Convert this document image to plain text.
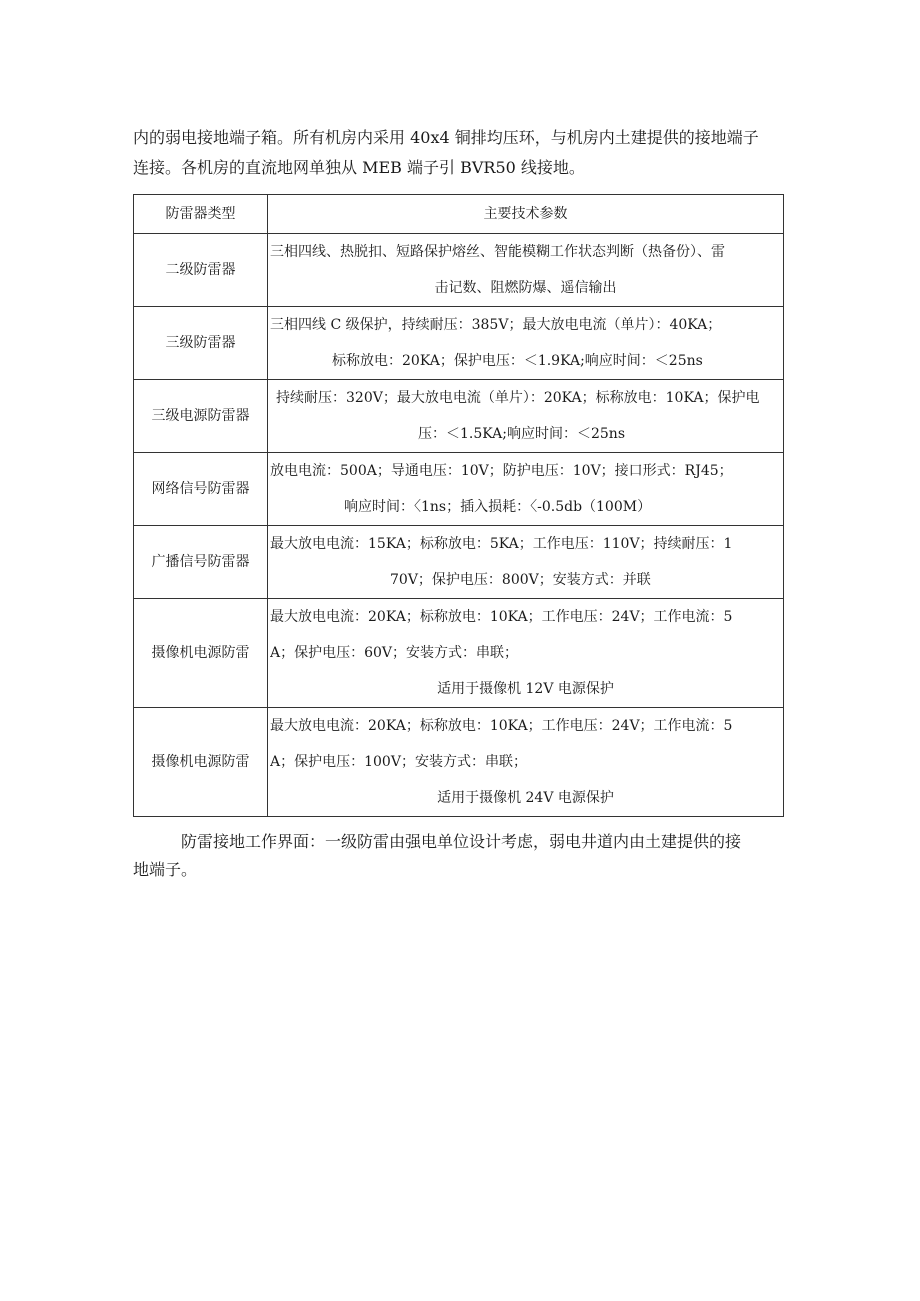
内的弱电接地端子箱。所有机房内采用 40x4 铜排均压环，与机房内土建提供的接地端子
连接。各机房的直流地网单独从 MEB 端子引 BVR50 线接地。
防雷器类型	主要技术参数
二级防雷器	三相四线、热脱扣、短路保护熔丝、智能模糊工作状态判断（热备份）、雷
击记数、阻燃防爆、遥信输出

三级防雷器	三相四线 C 级保护，持续耐压：385V；最大放电电流（单片）：40KA；
标称放电：20KA；保护电压：＜1.9KA;响应时间：＜25ns

三级电源防雷器	持续耐压：320V；最大放电电流（单片）：20KA；标称放电：10KA；保护电
压：＜1.5KA;响应时间：＜25ns

网络信号防雷器	放电电流：500A；导通电压：10V；防护电压：10V；接口形式：RJ45；
响应时间：〈1ns；插入损耗：〈-0.5db（100M）

广播信号防雷器	最大放电电流：15KA；标称放电：5KA；工作电压：110V；持续耐压：1
70V；保护电压：800V；安装方式：并联

摄像机电源防雷	最大放电电流：20KA；标称放电：10KA；工作电压：24V；工作电流：5
A；保护电压：60V；安装方式：串联；
适用于摄像机 12V 电源保护

摄像机电源防雷	最大放电电流：20KA；标称放电：10KA；工作电压：24V；工作电流：5
A；保护电压：100V；安装方式：串联；
适用于摄像机 24V 电源保护
防雷接地工作界面：一级防雷由强电单位设计考虑，弱电井道内由土建提供的接
地端子。
